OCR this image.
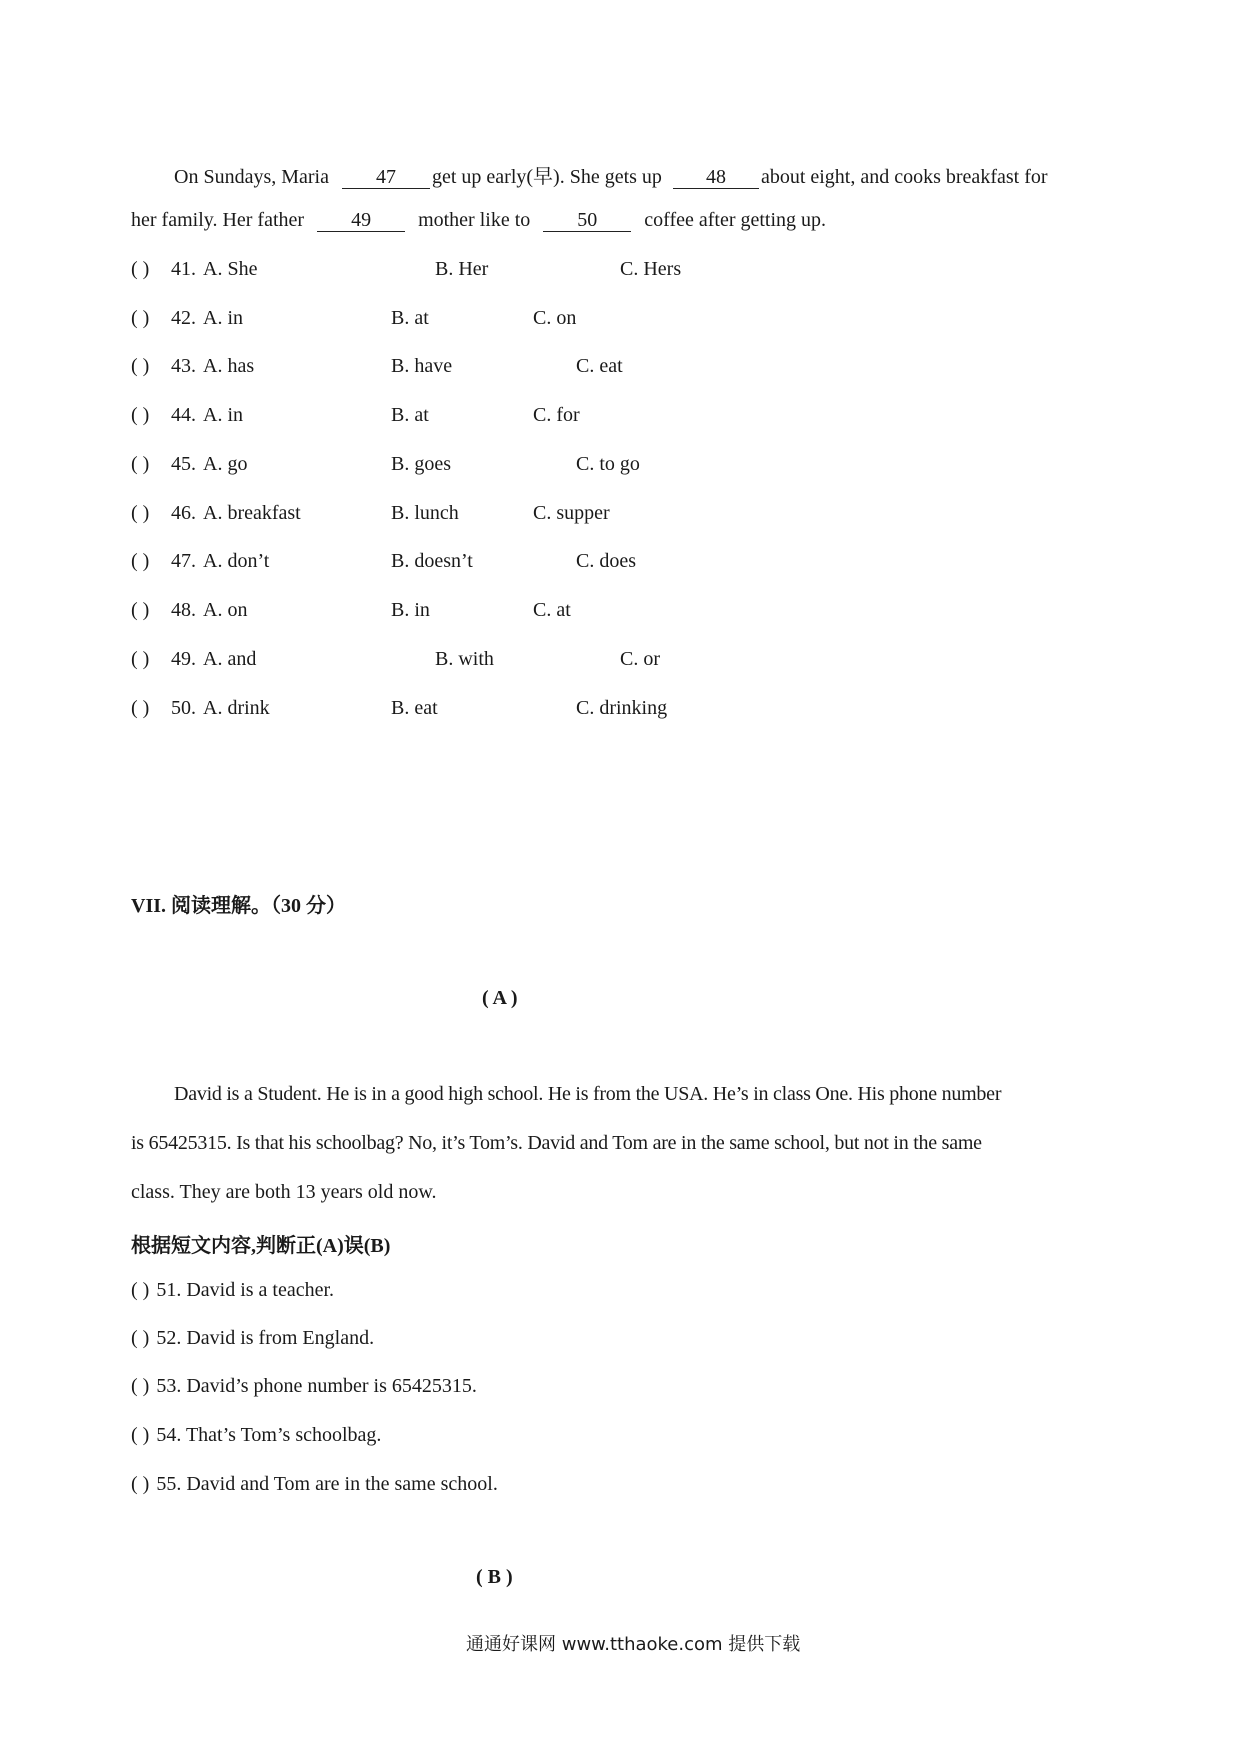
On Sundays, Maria 47 get up early(早). She gets up 48 about eight, and cooks breakfast for
her family. Her father 49 mother like to 50 coffee after getting up.
( ) 41. A. She	B. Her	C. Hers
( ) 42. A. in	B. at	C. on
( ) 43. A. has	B. have	C. eat
( ) 44. A. in	B. at	C. for
( ) 45. A. go	B. goes	C. to go
( ) 46. A. breakfast	B. lunch	C. supper
( ) 47. A. don’t	B. doesn’t	C. does
( ) 48. A. on	B. in	C. at
( ) 49. A. and	B. with	C. or
( ) 50. A. drink	B. eat	C. drinking
VII. 阅读理解。（30 分）
( A )
David is a Student. He is in a good high school. He is from the USA. He’s in class One. His phone number
is 65425315. Is that his schoolbag? No, it’s Tom’s. David and Tom are in the same school, but not in the same
class. They are both 13 years old now.
根据短文内容,判断正(A)误(B)
( ) 51. David is a teacher.
( ) 52. David is from England.
( ) 53. David’s phone number is 65425315.
( ) 54. That’s Tom’s schoolbag.
( ) 55. David and Tom are in the same school.
( B )
通通好课网 www.tthaoke.com 提供下载
